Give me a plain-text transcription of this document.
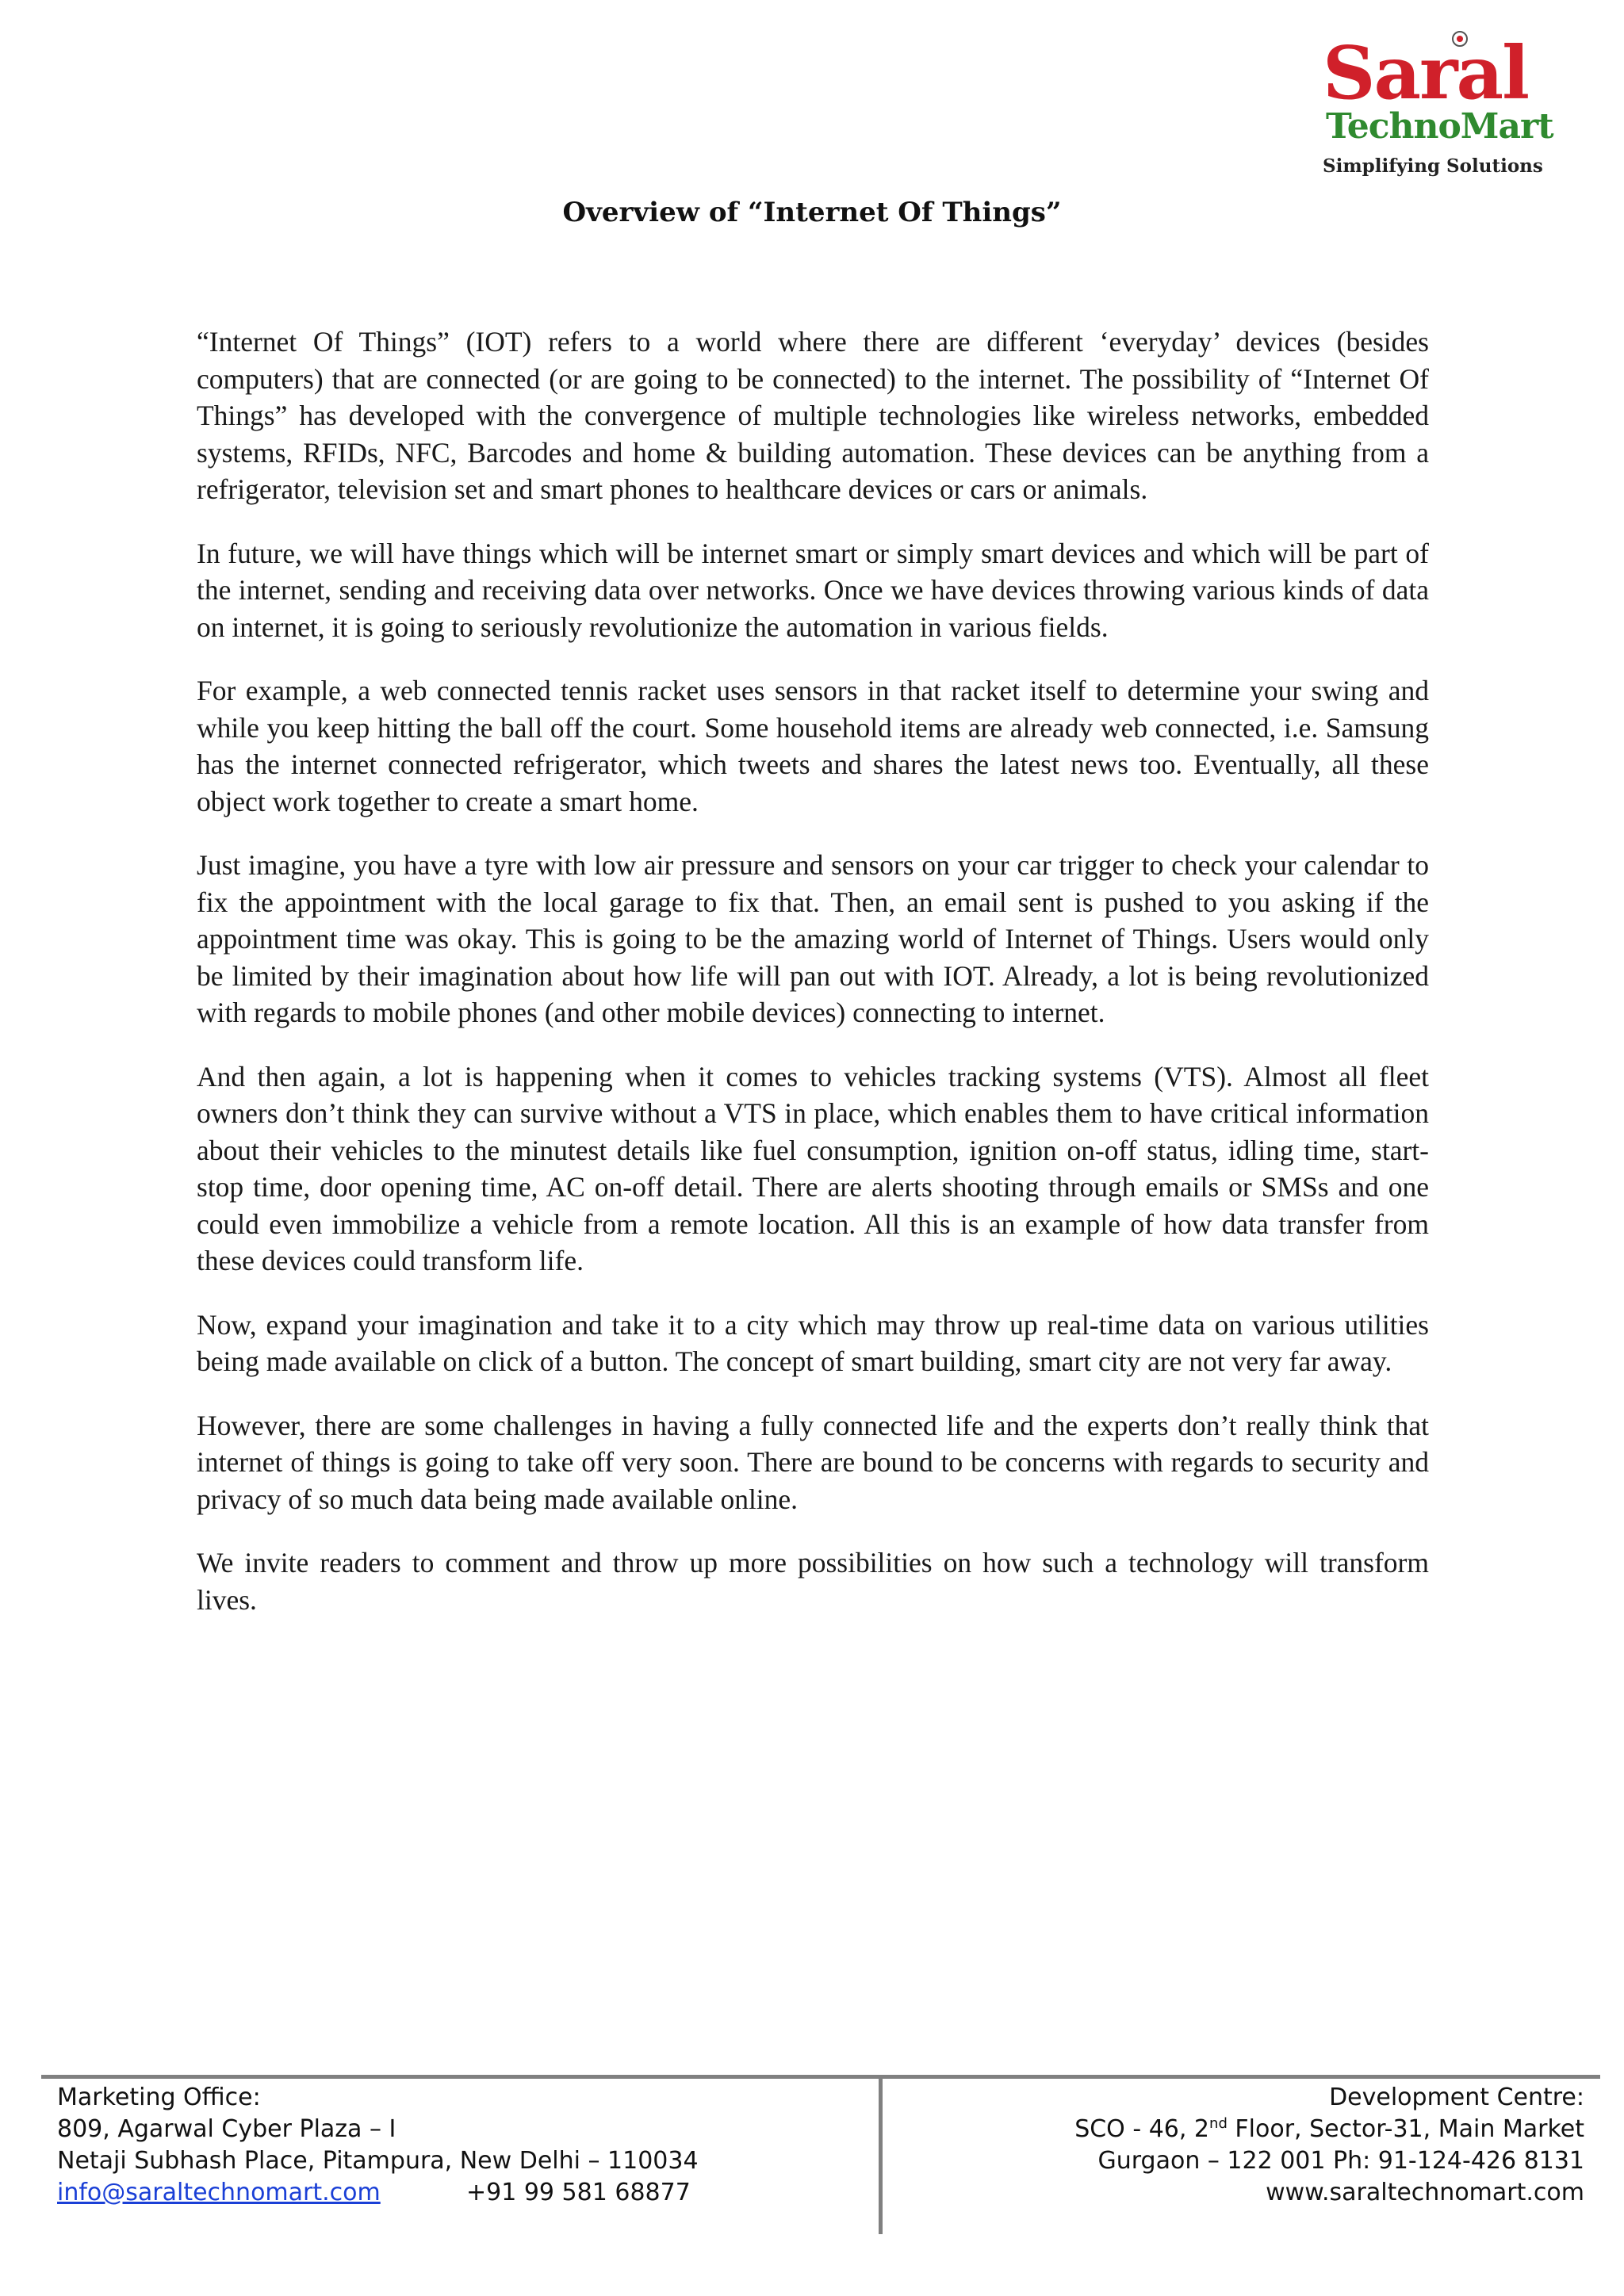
Saral
TechnoMart
Simplifying Solutions
Overview of “Internet Of Things”

“Internet Of Things” (IOT) refers to a world where there are different ‘everyday’ devices (besides computers) that are connected (or are going to be connected) to the internet. The possibility of “Internet Of Things” has developed with the convergence of multiple technologies like wireless networks, embedded systems, RFIDs, NFC, Barcodes and home & building automation. These devices can be anything from a refrigerator, television set and smart phones to healthcare devices or cars or animals.

In future, we will have things which will be internet smart or simply smart devices and which will be part of the internet, sending and receiving data over networks. Once we have devices throwing various kinds of data on internet, it is going to seriously revolutionize the automation in various fields.

For example, a web connected tennis racket uses sensors in that racket itself to determine your swing and while you keep hitting the ball off the court. Some household items are already web connected, i.e. Samsung has the internet connected refrigerator, which tweets and shares the latest news too. Eventually, all these object work together to create a smart home.

Just imagine, you have a tyre with low air pressure and sensors on your car trigger to check your calendar to fix the appointment with the local garage to fix that. Then, an email sent is pushed to you asking if the appointment time was okay. This is going to be the amazing world of Internet of Things. Users would only be limited by their imagination about how life will pan out with IOT. Already, a lot is being revolutionized with regards to mobile phones (and other mobile devices) connecting to internet.

And then again, a lot is happening when it comes to vehicles tracking systems (VTS). Almost all fleet owners don’t think they can survive without a VTS in place, which enables them to have critical information about their vehicles to the minutest details like fuel consumption, ignition on-off status, idling time, start-stop time, door opening time, AC on-off detail. There are alerts shooting through emails or SMSs and one could even immobilize a vehicle from a remote location. All this is an example of how data transfer from these devices could transform life.

Now, expand your imagination and take it to a city which may throw up real-time data on various utilities being made available on click of a button. The concept of smart building, smart city are not very far away.

However, there are some challenges in having a fully connected life and the experts don’t really think that internet of things is going to take off very soon. There are bound to be concerns with regards to security and privacy of so much data being made available online.

We invite readers to comment and throw up more possibilities on how such a technology will transform lives.

Marketing Office:
809, Agarwal Cyber Plaza – I
Netaji Subhash Place, Pitampura, New Delhi – 110034
info@saraltechnomart.com	+91 99 581 68877
Development Centre:
SCO - 46, 2nd Floor, Sector-31, Main Market
Gurgaon – 122 001 Ph: 91-124-426 8131
www.saraltechnomart.com
